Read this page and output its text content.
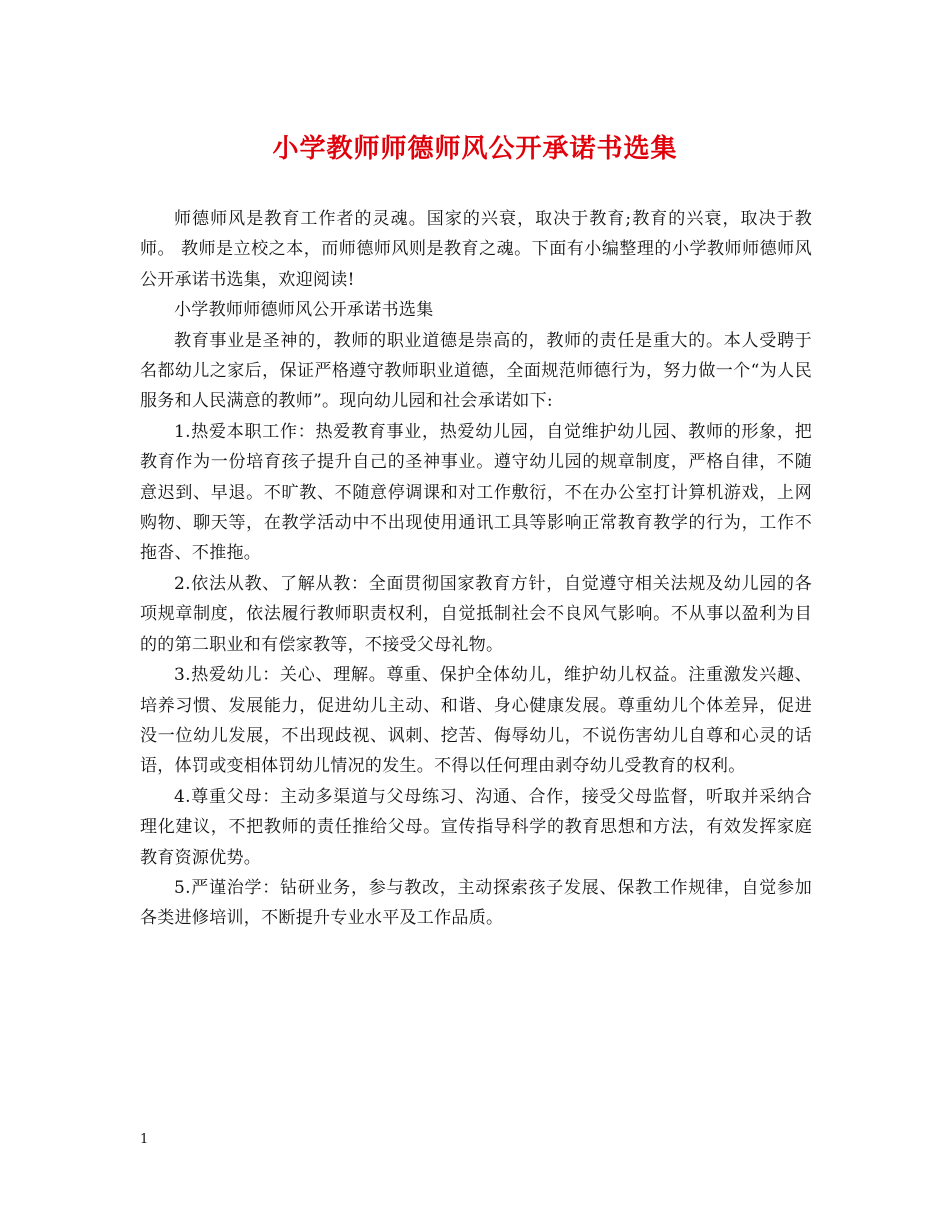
小学教师师德师风公开承诺书选集

师德师风是教育工作者的灵魂。国家的兴衰，取决于教育;教育的兴衰，取决于教师。 教师是立校之本，而师德师风则是教育之魂。下面有小编整理的小学教师师德师风公开承诺书选集，欢迎阅读!

小学教师师德师风公开承诺书选集

教育事业是圣神的，教师的职业道德是崇高的，教师的责任是重大的。本人受聘于名都幼儿之家后，保证严格遵守教师职业道德，全面规范师德行为，努力做一个“为人民服务和人民满意的教师”。现向幼儿园和社会承诺如下:

1.热爱本职工作：热爱教育事业，热爱幼儿园，自觉维护幼儿园、教师的形象，把教育作为一份培育孩子提升自己的圣神事业。遵守幼儿园的规章制度，严格自律，不随意迟到、早退。不旷教、不随意停调课和对工作敷衍，不在办公室打计算机游戏，上网购物、聊天等，在教学活动中不出现使用通讯工具等影响正常教育教学的行为，工作不拖沓、不推拖。

2.依法从教、了解从教：全面贯彻国家教育方针，自觉遵守相关法规及幼儿园的各项规章制度，依法履行教师职责权利，自觉抵制社会不良风气影响。不从事以盈利为目的的第二职业和有偿家教等，不接受父母礼物。

3.热爱幼儿：关心、理解。尊重、保护全体幼儿，维护幼儿权益。注重激发兴趣、培养习惯、发展能力，促进幼儿主动、和谐、身心健康发展。尊重幼儿个体差异，促进没一位幼儿发展，不出现歧视、讽刺、挖苦、侮辱幼儿，不说伤害幼儿自尊和心灵的话语，体罚或变相体罚幼儿情况的发生。不得以任何理由剥夺幼儿受教育的权利。

4.尊重父母：主动多渠道与父母练习、沟通、合作，接受父母监督，听取并采纳合理化建议，不把教师的责任推给父母。宣传指导科学的教育思想和方法，有效发挥家庭教育资源优势。

5.严谨治学：钻研业务，参与教改，主动探索孩子发展、保教工作规律，自觉参加各类进修培训，不断提升专业水平及工作品质。

1
